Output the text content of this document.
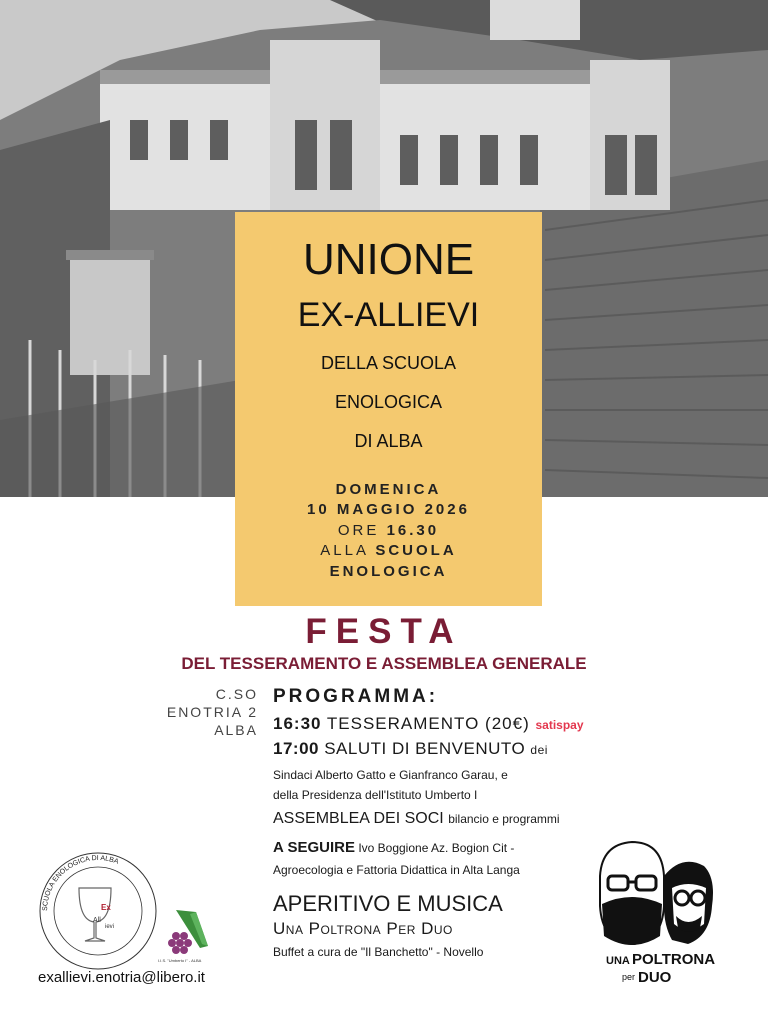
UNIONE
EX-ALLIEVI
DELLA SCUOLA
ENOLOGICA
DI ALBA
DOMENICA
10 MAGGIO 2026
ORE 16.30
ALLA SCUOLA
ENOLOGICA
FESTA
DEL TESSERAMENTO E ASSEMBLEA GENERALE
C.SO
ENOTRIA 2
ALBA
PROGRAMMA:
16:30 TESSERAMENTO (20€) satispay
17:00 SALUTI DI BENVENUTO dei
Sindaci Alberto Gatto e Gianfranco Garau, e
della Presidenza dell'Istituto Umberto I
ASSEMBLEA DEI SOCI bilancio e programmi
A SEGUIRE Ivo Boggione Az. Bogion Cit -
Agroecologia e Fattoria Didattica in Alta Langa
APERITIVO E MUSICA
Una Poltrona Per Duo
Buffet a cura de "Il Banchetto" - Novello
SCUOLA ENOLOGICA DI ALBA
Ex
All
ievi
I.I.S. "Umberto I" - ALBA
exallievi.enotria@libero.it
UNA POLTRONA
per DUO
